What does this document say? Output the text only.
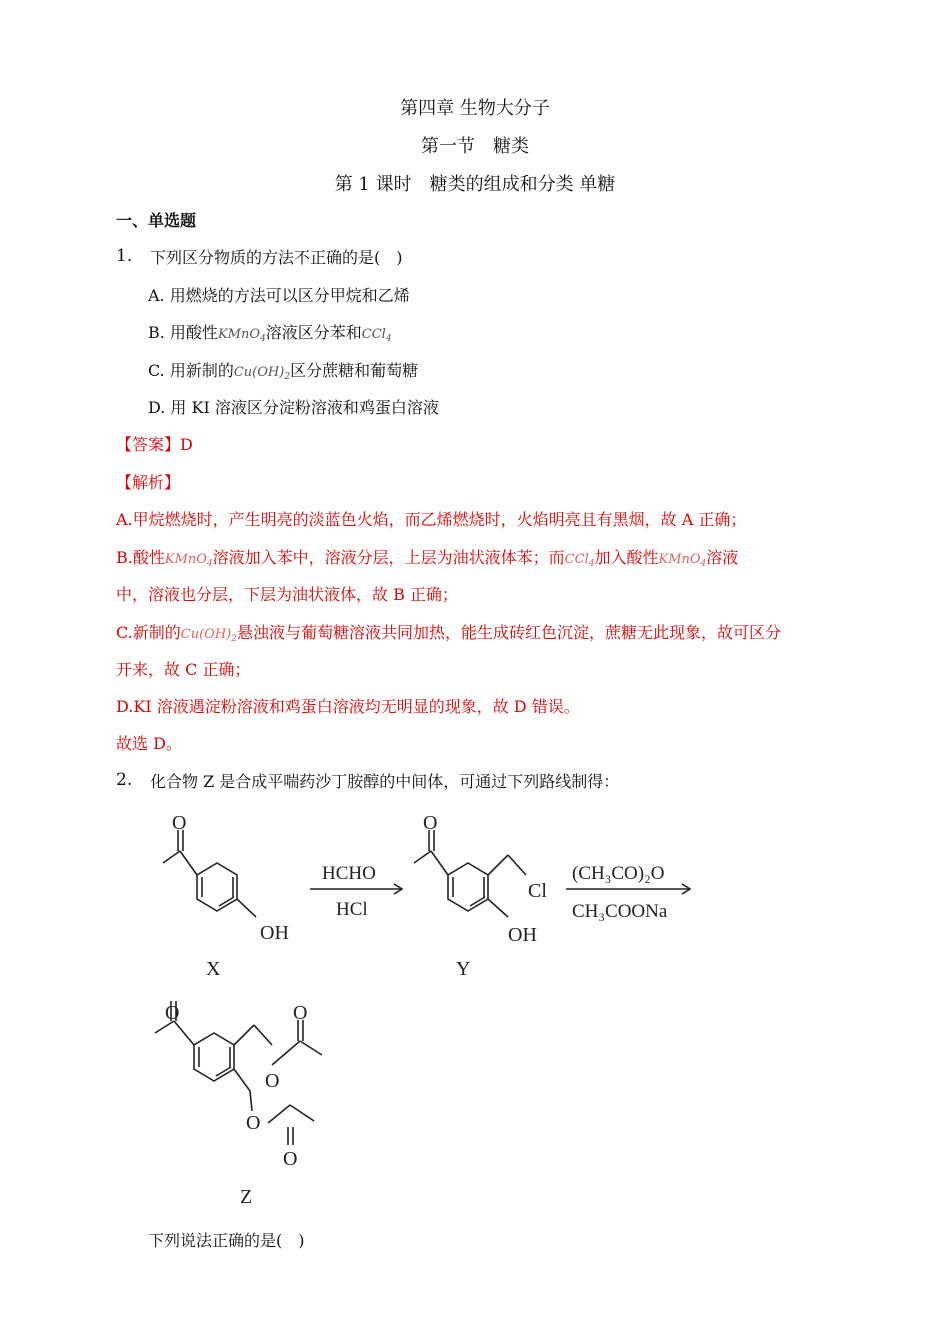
第四章 生物大分子
第一节　糖类
第 1 课时　糖类的组成和分类 单糖
一、单选题
1. 下列区分物质的方法不正确的是(　)
A. 用燃烧的方法可以区分甲烷和乙烯
B. 用酸性KMnO$_4$溶液区分苯和CCl$_4$
C. 用新制的$Cu(OH)_2$区分蔗糖和葡萄糖
D. 用 KI 溶液区分淀粉溶液和鸡蛋白溶液
【答案】D
【解析】
A.甲烷燃烧时，产生明亮的淡蓝色火焰，而乙烯燃烧时，火焰明亮且有黑烟，故 A 正确；
B.酸性KMnO$_4$溶液加入苯中，溶液分层，上层为油状液体苯；而CCl$_4$加入酸性KMnO$_4$溶液
中，溶液也分层，下层为油状液体，故 B 正确；
C.新制的$Cu(OH)_2$悬浊液与葡萄糖溶液共同加热，能生成砖红色沉淀，蔗糖无此现象，故可区分
开来，故 C 正确；
D.KI 溶液遇淀粉溶液和鸡蛋白溶液均无明显的现象，故 D 错误。
故选 D。
2. 化合物 Z 是合成平喘药沙丁胺醇的中间体，可通过下列路线制得：
O
OH
HCHO
HCl
O
Cl
OH
(CH₃CO)₂O
CH₃COONa
X	Y
O
O
O
O
O
Z
下列说法正确的是(　)
